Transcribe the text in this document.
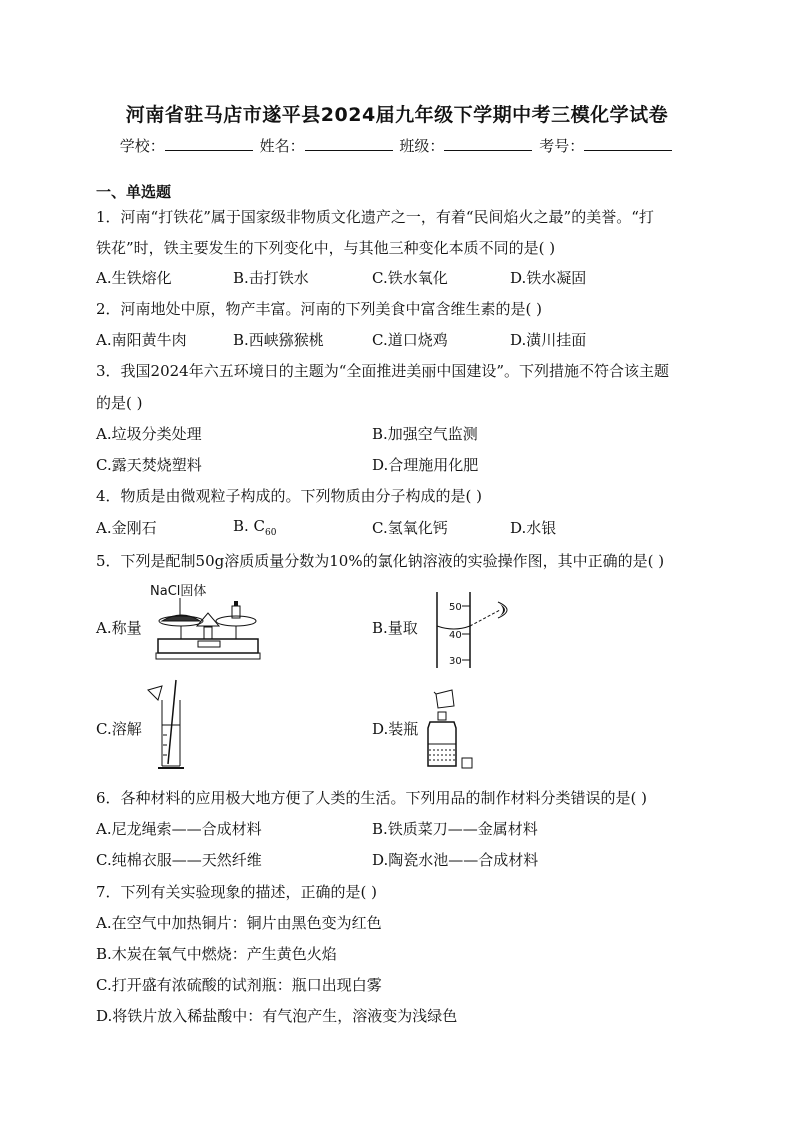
河南省驻马店市遂平县2024届九年级下学期中考三模化学试卷
学校：	姓名：	班级：	考号：
一、单选题
1．河南“打铁花”属于国家级非物质文化遗产之一，有着“民间焰火之最”的美誉。“打
铁花”时，铁主要发生的下列变化中，与其他三种变化本质不同的是( )
A.生铁熔化	B.击打铁水	C.铁水氧化	D.铁水凝固
2．河南地处中原，物产丰富。河南的下列美食中富含维生素的是( )
A.南阳黄牛肉	B.西峡猕猴桃	C.道口烧鸡	D.潢川挂面
3．我国2024年六五环境日的主题为“全面推进美丽中国建设”。下列措施不符合该主题
的是( )
A.垃圾分类处理	B.加强空气监测
C.露天焚烧塑料	D.合理施用化肥
4．物质是由微观粒子构成的。下列物质由分子构成的是( )
A.金刚石	B. $C_{60}$	C.氢氧化钙	D.水银
5．下列是配制50g溶质质量分数为10%的氯化钠溶液的实验操作图，其中正确的是( )
A.称量
NaCl固体
B.量取
50
40
30
C.溶解	D.装瓶
6．各种材料的应用极大地方便了人类的生活。下列用品的制作材料分类错误的是( )
A.尼龙绳索——合成材料	B.铁质菜刀——金属材料
C.纯棉衣服——天然纤维	D.陶瓷水池——合成材料
7．下列有关实验现象的描述，正确的是( )
A.在空气中加热铜片：铜片由黑色变为红色
B.木炭在氧气中燃烧：产生黄色火焰
C.打开盛有浓硫酸的试剂瓶：瓶口出现白雾
D.将铁片放入稀盐酸中：有气泡产生，溶液变为浅绿色
